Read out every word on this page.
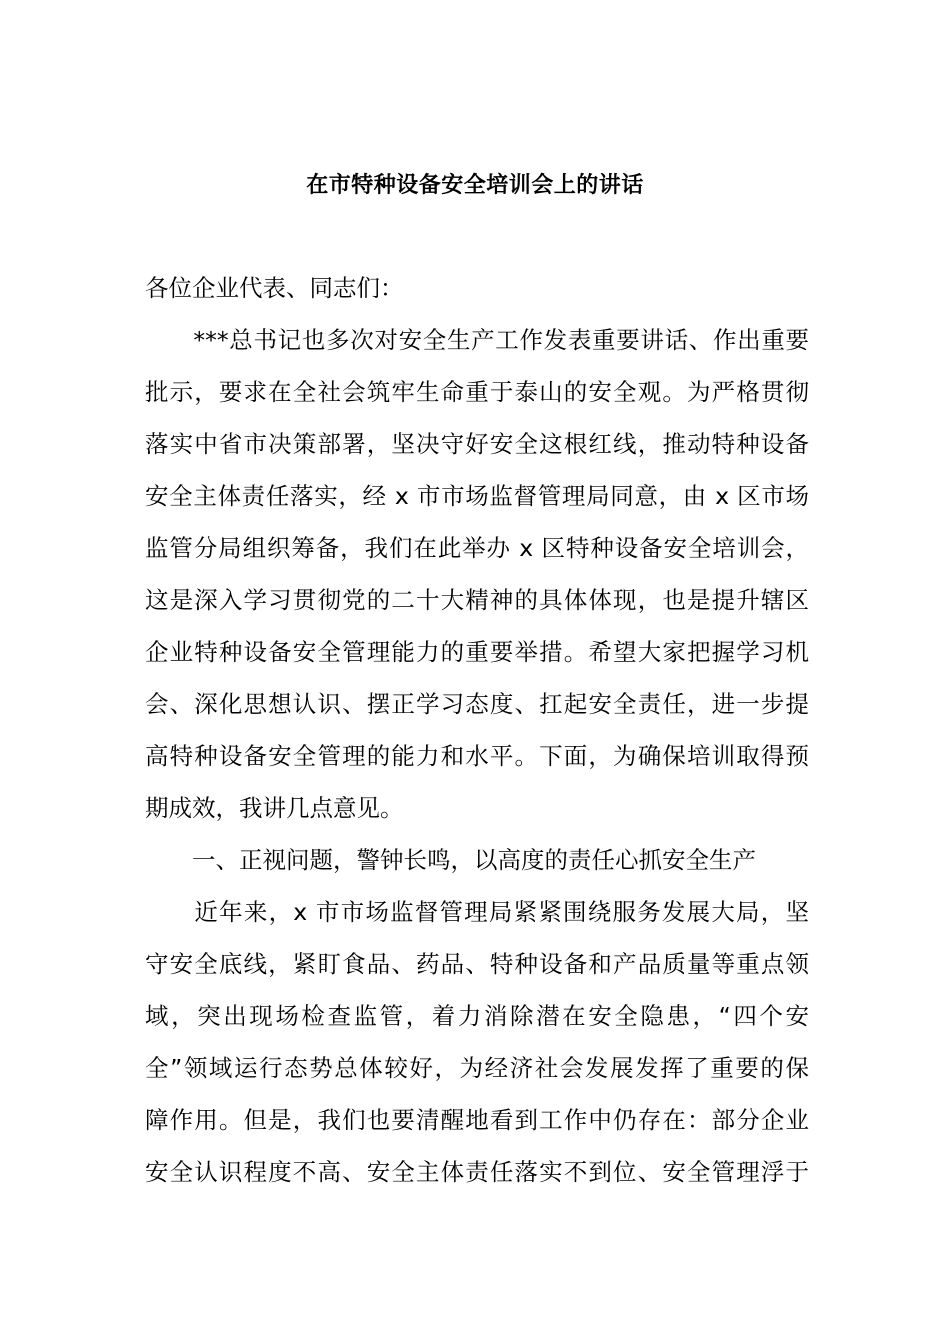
在市特种设备安全培训会上的讲话
各位企业代表、同志们：
　　***总书记也多次对安全生产工作发表重要讲话、作出重要
批示，要求在全社会筑牢生命重于泰山的安全观。为严格贯彻
落实中省市决策部署，坚决守好安全这根红线，推动特种设备
安全主体责任落实，经 x 市市场监督管理局同意，由 x 区市场
监管分局组织筹备，我们在此举办 x 区特种设备安全培训会，
这是深入学习贯彻党的二十大精神的具体体现，也是提升辖区
企业特种设备安全管理能力的重要举措。希望大家把握学习机
会、深化思想认识、摆正学习态度、扛起安全责任，进一步提
高特种设备安全管理的能力和水平。下面，为确保培训取得预
期成效，我讲几点意见。
　　一、正视问题，警钟长鸣，以高度的责任心抓安全生产
　　近年来，x 市市场监督管理局紧紧围绕服务发展大局，坚
守安全底线，紧盯食品、药品、特种设备和产品质量等重点领
域，突出现场检查监管，着力消除潜在安全隐患，“四个安
全”领域运行态势总体较好，为经济社会发展发挥了重要的保
障作用。但是，我们也要清醒地看到工作中仍存在：部分企业
安全认识程度不高、安全主体责任落实不到位、安全管理浮于
